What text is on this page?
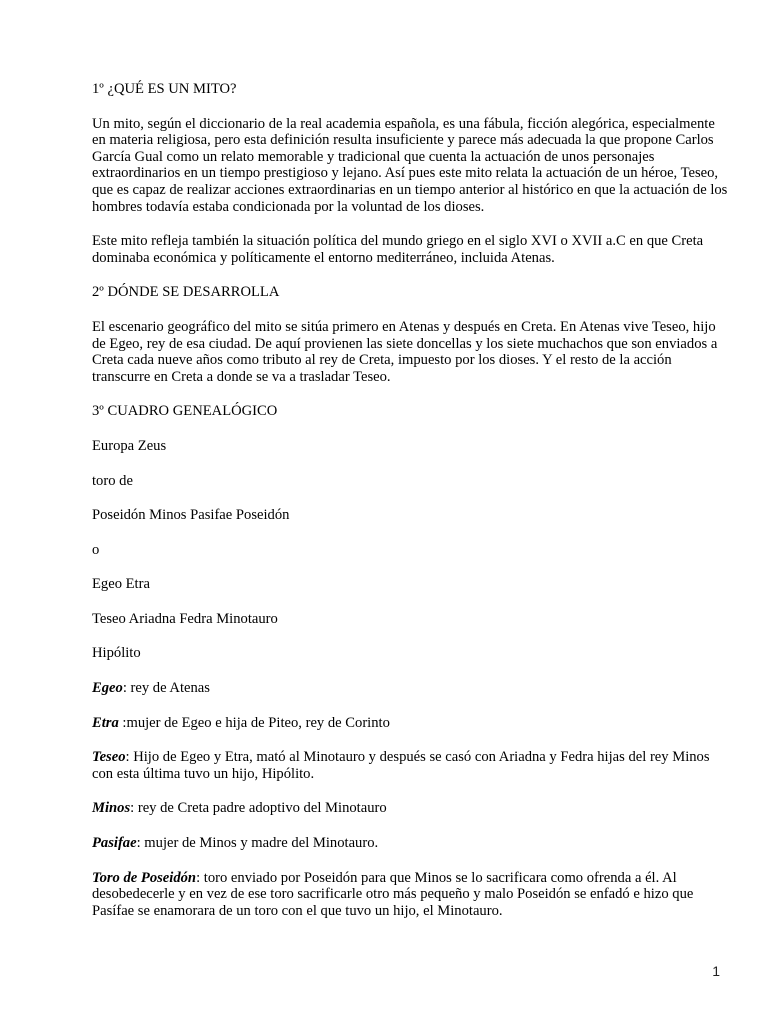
1º ¿QUÉ ES UN MITO?

Un mito, según el diccionario de la real academia española, es una fábula, ficción alegórica, especialmente en materia religiosa, pero esta definición resulta insuficiente y parece más adecuada la que propone Carlos García Gual como un relato memorable y tradicional que cuenta la actuación de unos personajes extraordinarios en un tiempo prestigioso y lejano. Así pues este mito relata la actuación de un héroe, Teseo, que es capaz de realizar acciones extraordinarias en un tiempo anterior al histórico en que la actuación de los hombres todavía estaba condicionada por la voluntad de los dioses.

Este mito refleja también la situación política del mundo griego en el siglo XVI o XVII a.C en que Creta dominaba económica y políticamente el entorno mediterráneo, incluida Atenas.

2º DÓNDE SE DESARROLLA

El escenario geográfico del mito se sitúa primero en Atenas y después en Creta. En Atenas vive Teseo, hijo de Egeo, rey de esa ciudad. De aquí provienen las siete doncellas y los siete muchachos que son enviados a Creta cada nueve años como tributo al rey de Creta, impuesto por los dioses. Y el resto de la acción transcurre en Creta a donde se va a trasladar Teseo.

3º CUADRO GENEALÓGICO

Europa Zeus

toro de

Poseidón Minos Pasifae Poseidón

o

Egeo Etra

Teseo Ariadna Fedra Minotauro

Hipólito

Egeo: rey de Atenas

Etra :mujer de Egeo e hija de Piteo, rey de Corinto

Teseo: Hijo de Egeo y Etra, mató al Minotauro y después se casó con Ariadna y Fedra hijas del rey Minos con esta última tuvo un hijo, Hipólito.

Minos: rey de Creta padre adoptivo del Minotauro

Pasifae: mujer de Minos y madre del Minotauro.

Toro de Poseidón: toro enviado por Poseidón para que Minos se lo sacrificara como ofrenda a él. Al desobedecerle y en vez de ese toro sacrificarle otro más pequeño y malo Poseidón se enfadó e hizo que Pasífae se enamorara de un toro con el que tuvo un hijo, el Minotauro.

1
